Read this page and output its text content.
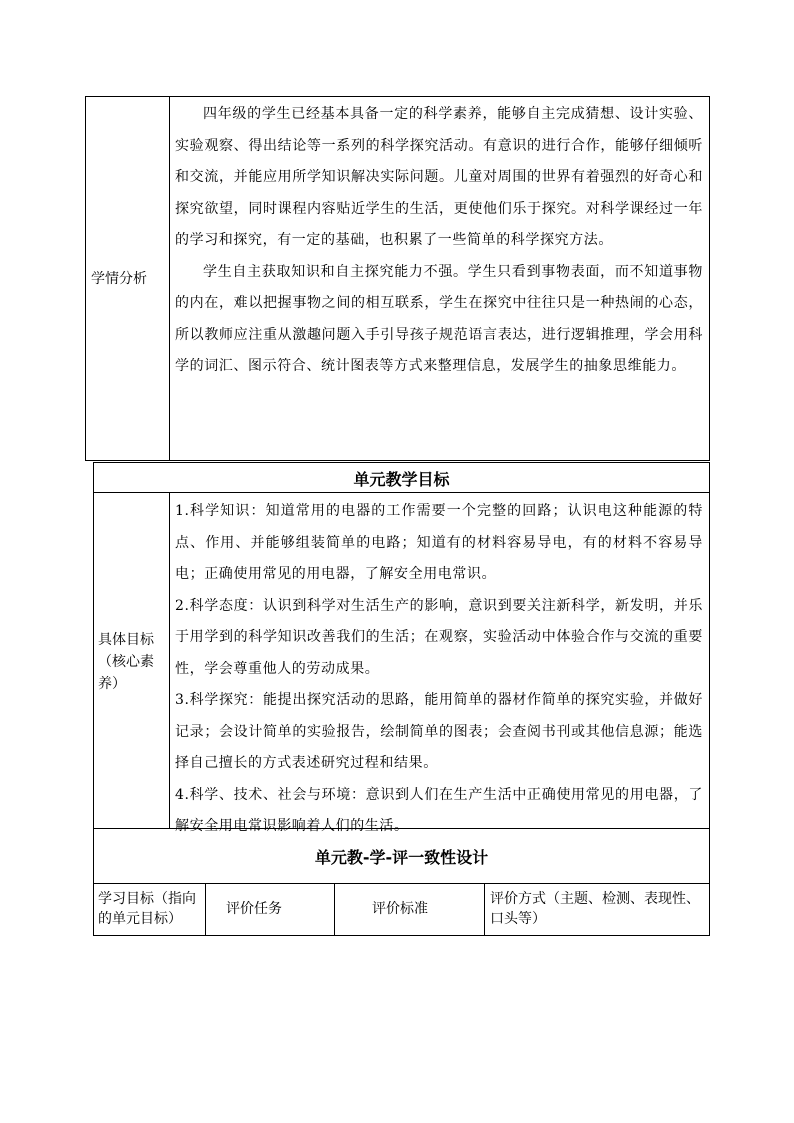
学情分析

四年级的学生已经基本具备一定的科学素养，能够自主完成猜想、设计实验、实验观察、得出结论等一系列的科学探究活动。有意识的进行合作，能够仔细倾听和交流，并能应用所学知识解决实际问题。儿童对周围的世界有着强烈的好奇心和探究欲望，同时课程内容贴近学生的生活，更使他们乐于探究。对科学课经过一年的学习和探究，有一定的基础，也积累了一些简单的科学探究方法。

学生自主获取知识和自主探究能力不强。学生只看到事物表面，而不知道事物的内在，难以把握事物之间的相互联系，学生在探究中往往只是一种热闹的心态，所以教师应注重从激趣问题入手引导孩子规范语言表达，进行逻辑推理，学会用科学的词汇、图示符合、统计图表等方式来整理信息，发展学生的抽象思维能力。

单元教学目标
具体目标（核心素养）

1.科学知识：知道常用的电器的工作需要一个完整的回路；认识电这种能源的特点、作用、并能够组装简单的电路；知道有的材料容易导电，有的材料不容易导电；正确使用常见的用电器，了解安全用电常识。

2.科学态度：认识到科学对生活生产的影响，意识到要关注新科学，新发明，并乐于用学到的科学知识改善我们的生活；在观察，实验活动中体验合作与交流的重要性，学会尊重他人的劳动成果。

3.科学探究：能提出探究活动的思路，能用简单的器材作简单的探究实验，并做好记录；会设计简单的实验报告，绘制简单的图表；会查阅书刊或其他信息源；能选择自己擅长的方式表述研究过程和结果。

4.科学、技术、社会与环境：意识到人们在生产生活中正确使用常见的用电器，了解安全用电常识影响着人们的生活。

单元教-学-评一致性设计
学习目标（指向的单元目标）
评价任务	评价标准
评价方式（主题、检测、表现性、口头等）
